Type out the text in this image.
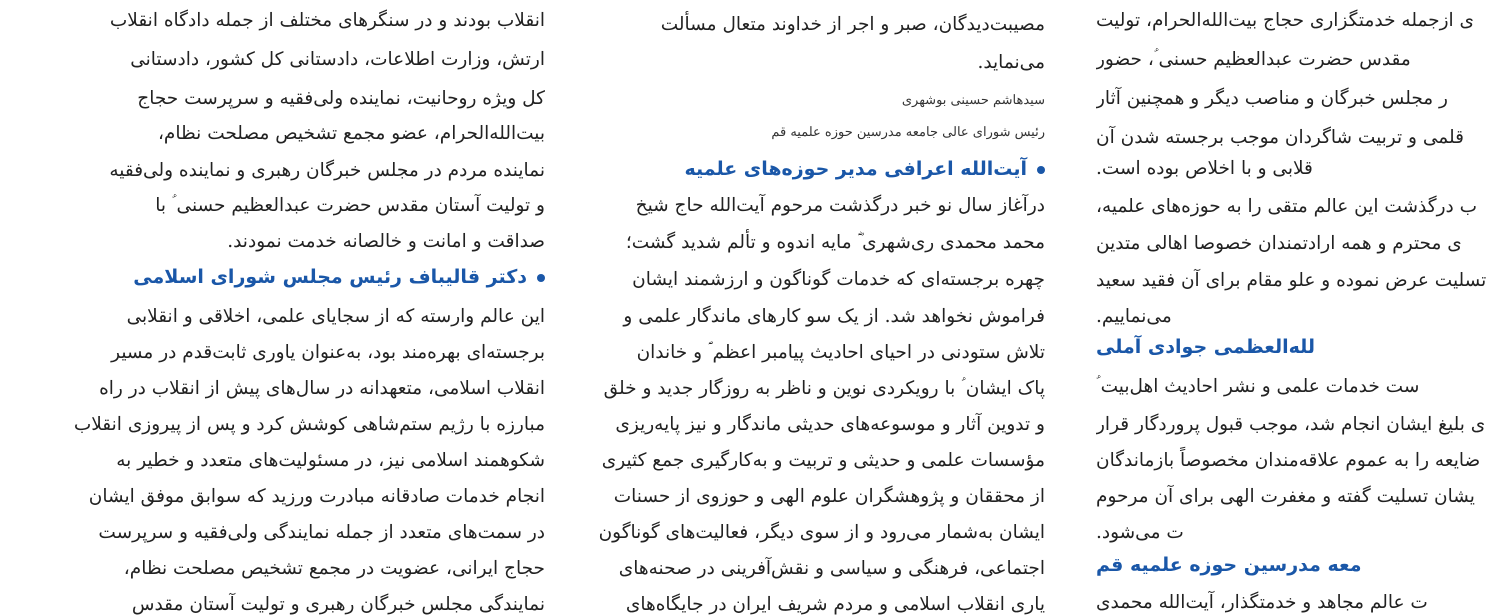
ی ازجمله خدمتگزاری حجاج بیت‌الله‌الحرام، تولیت
مقدس حضرت عبدالعظیم حسنی ؑ، حضور
ر مجلس خبرگان و مناصب دیگر و همچنین آثار
قلمی و تربیت شاگردان موجب برجسته شدن آن
قلابی و با اخلاص بوده است.
ب درگذشت این عالم متقی را به حوزه‌های علمیه،
ی محترم و همه ارادتمندان خصوصا اهالی متدین
تسلیت عرض نموده و علو مقام برای آن فقید سعید
می‌نماییم.
لله‌العظمی جوادی آملی
ست خدمات علمی و نشر احادیث اهل‌بیت ؑ
ی بلیغ ایشان انجام شد، موجب قبول پروردگار قرار
ضایعه را به عموم علاقه‌مندان مخصوصاً بازماندگان
یشان تسلیت گفته و مغفرت الهی برای آن مرحوم
ت می‌شود.
معه مدرسین حوزه علمیه قم
ت عالم مجاهد و خدمتگذار، آیت‌الله محمدی
مصیبت‌دیدگان، صبر و اجر از خداوند متعال مسألت
می‌نماید.
سیدهاشم حسینی بوشهری
رئیس شورای عالی جامعه مدرسین حوزه علمیه قم
آیت‌الله اعرافی مدیر حوزه‌های علمیه
درآغاز سال نو خبر درگذشت مرحوم آیت‌الله حاج شیخ
محمد محمدی ری‌شهری ؓ مایه اندوه و تألم شدید گشت؛
چهره برجسته‌ای که خدمات گوناگون و ارزشمند ایشان
فراموش نخواهد شد. از یک سو کارهای ماندگار علمی و
تلاش ستودنی در احیای احادیث پیامبر اعظم ؐ و خاندان
پاک ایشان ؑ با رویکردی نوین و ناظر به روزگار جدید و خلق
و تدوین آثار و موسوعه‌های حدیثی ماندگار و نیز پایه‌ریزی
مؤسسات علمی و حدیثی و تربیت و به‌کارگیری جمع کثیری
از محققان و پژوهشگران علوم الهی و حوزوی از حسنات
ایشان به‌شمار می‌رود و از سوی دیگر، فعالیت‌های گوناگون
اجتماعی، فرهنگی و سیاسی و نقش‌آفرینی در صحنه‌های
یاری انقلاب اسلامی و مردم شریف ایران در جایگاه‌های
انقلاب بودند و در سنگرهای مختلف از جمله دادگاه انقلاب
ارتش، وزارت اطلاعات، دادستانی کل کشور، دادستانی
کل ویژه روحانیت، نماینده ولی‌فقیه و سرپرست حجاج
بیت‌الله‌الحرام، عضو مجمع تشخیص مصلحت نظام،
نماینده مردم در مجلس خبرگان رهبری و نماینده ولی‌فقیه
و تولیت آستان مقدس حضرت عبدالعظیم حسنی ؑ با
صداقت و امانت و خالصانه خدمت نمودند.
دکتر قالیباف رئیس مجلس شورای اسلامی
این عالم وارسته که از سجایای علمی، اخلاقی و انقلابی
برجسته‌ای بهره‌مند بود، به‌عنوان یاوری ثابت‌قدم در مسیر
انقلاب اسلامی، متعهدانه در سال‌های پیش از انقلاب در راه
مبارزه با رژیم ستم‌شاهی کوشش کرد و پس از پیروزی انقلاب
شکوهمند اسلامی نیز، در مسئولیت‌های متعدد و خطیر به
انجام خدمات صادقانه مبادرت ورزید که سوابق موفق ایشان
در سمت‌های متعدد از جمله نمایندگی ولی‌فقیه و سرپرست
حجاج ایرانی، عضویت در مجمع تشخیص مصلحت نظام،
نمایندگی مجلس خبرگان رهبری و تولیت آستان مقدس
